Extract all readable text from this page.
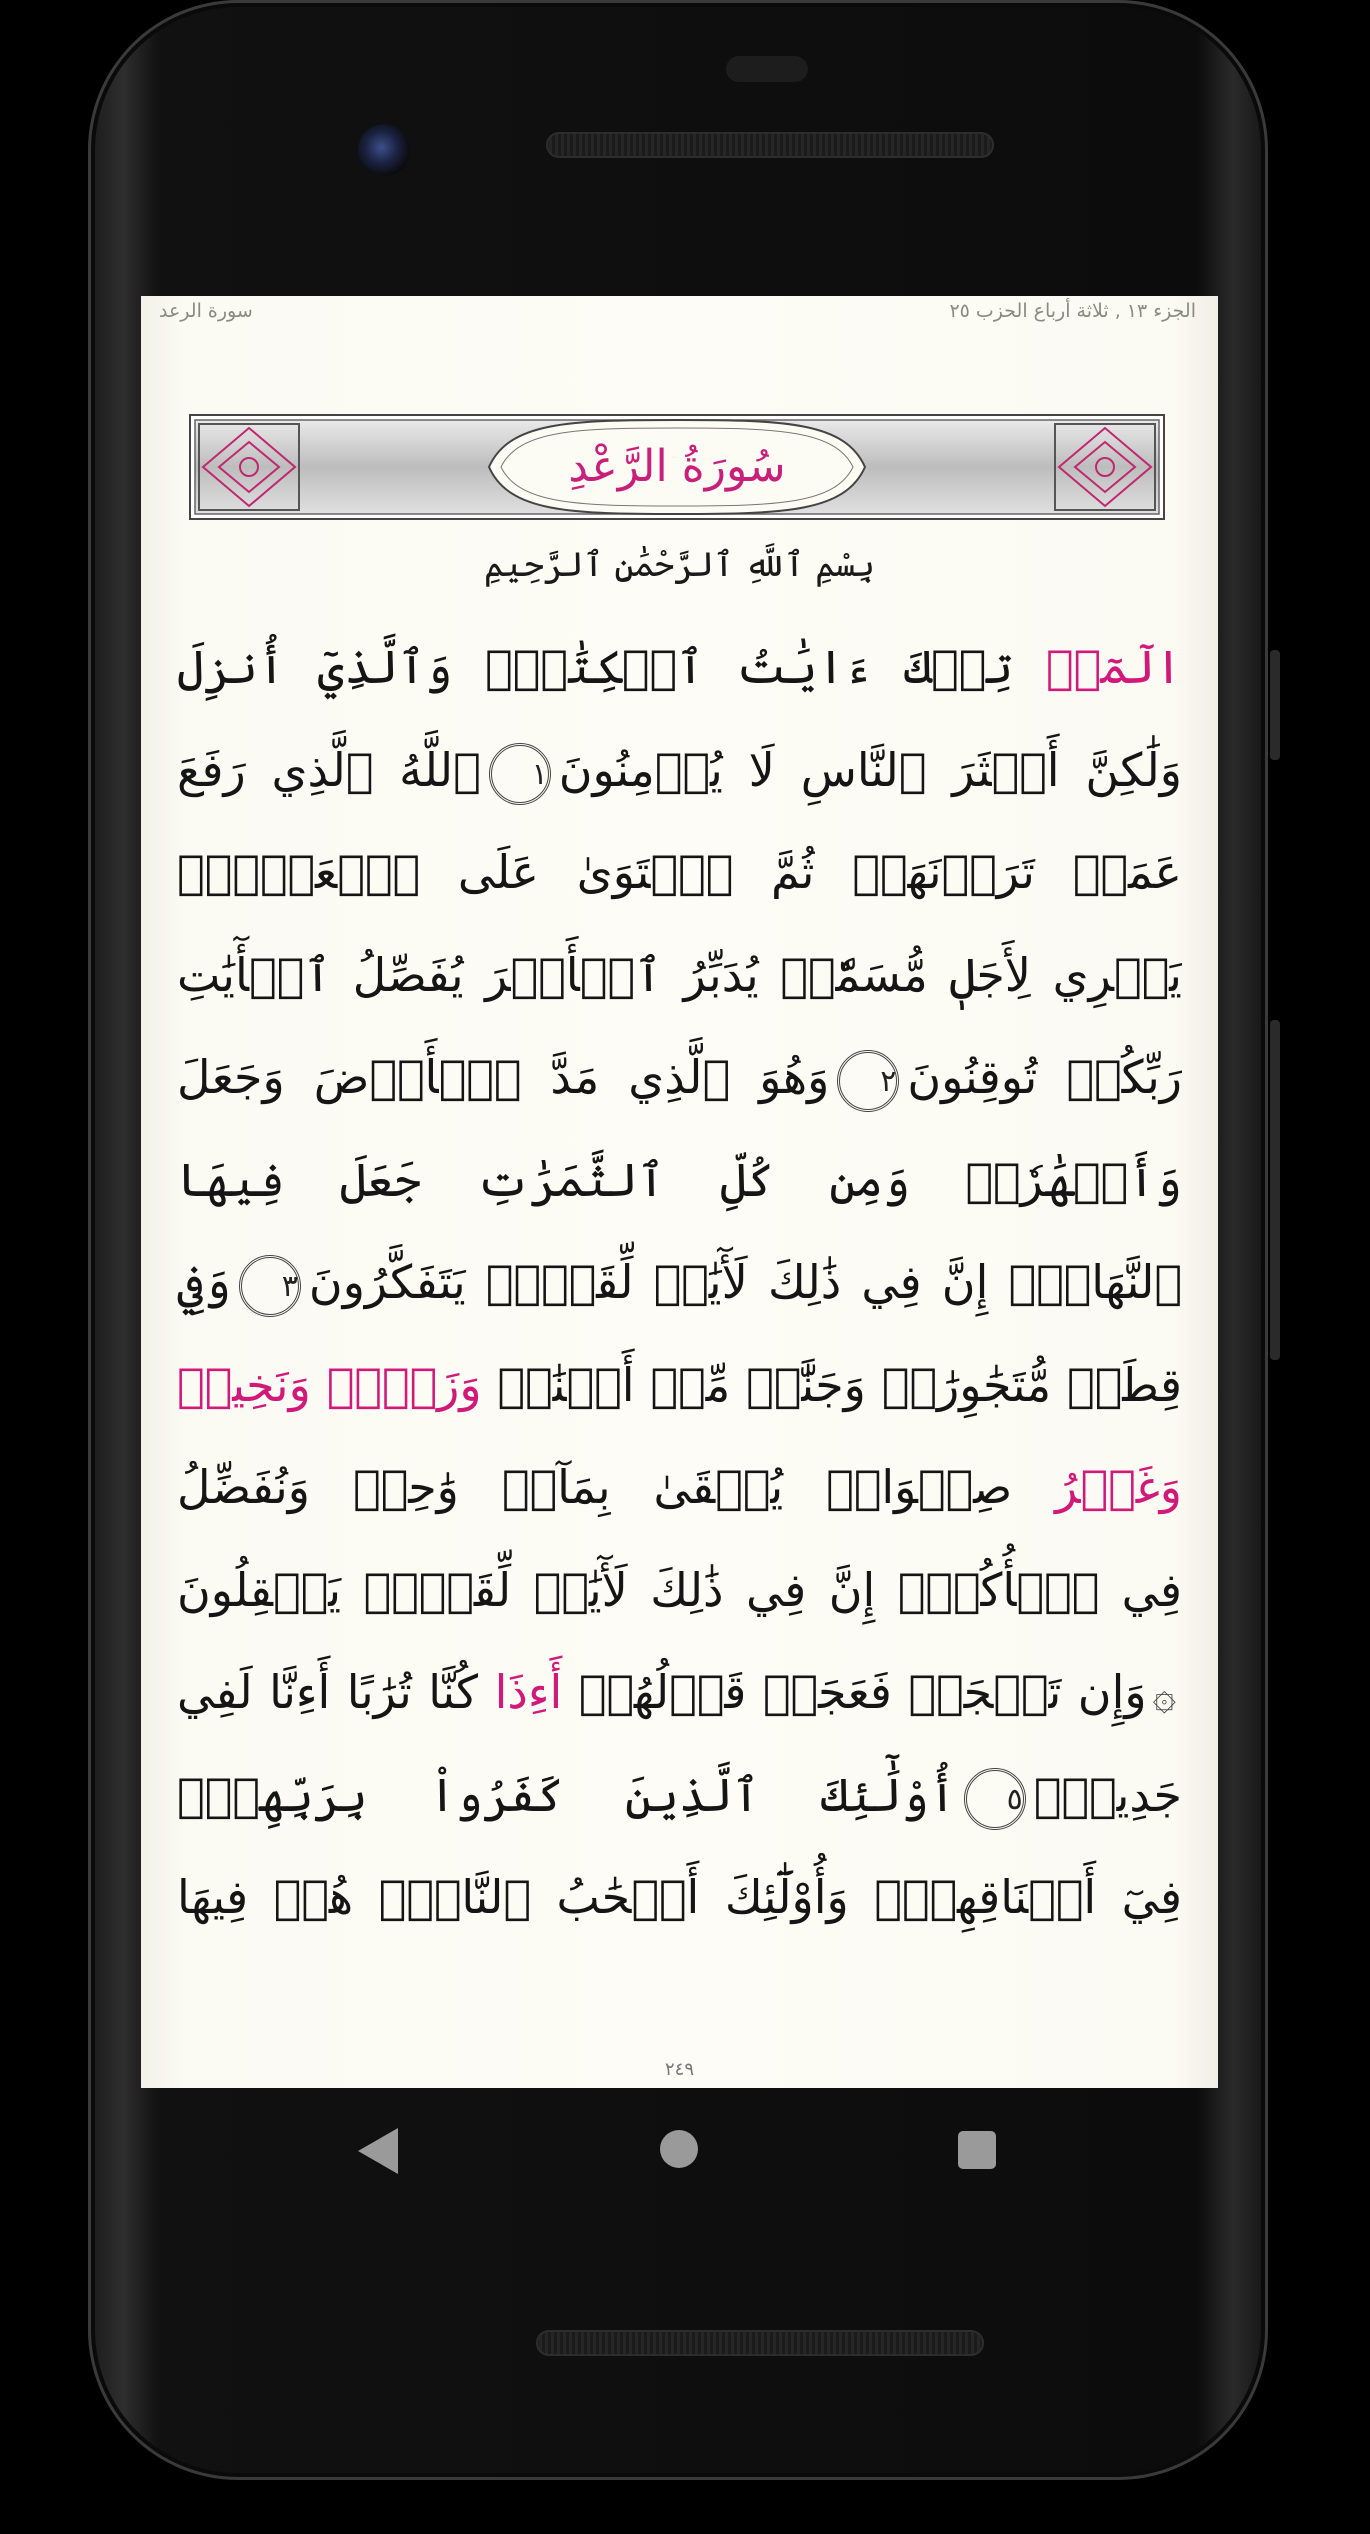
سورة الرعد	الجزء ١٣ , ثلاثة أرباع الحزب ٢٥
سُورَةُ الرَّعْدِ
بِسْمِ ٱللَّهِ ٱلرَّحْمَٰنِ ٱلرَّحِيمِ
الٓمٓرۚ تِلۡكَ ءَايَٰتُ ٱلۡكِتَٰبِۗ وَٱلَّذِيٓ أُنزِلَ
وَلَٰكِنَّ أَكۡثَرَ ٱلنَّاسِ لَا يُؤۡمِنُونَ١ٱللَّهُ ٱلَّذِي رَفَعَ
عَمَدٖ تَرَوۡنَهَاۖ ثُمَّ ٱسۡتَوَىٰ عَلَى ٱلۡعَرۡشِۖ
يَجۡرِي لِأَجَلٖ مُّسَمّٗىۚ يُدَبِّرُ ٱلۡأَمۡرَ يُفَصِّلُ ٱلۡأٓيَٰتِ
رَبِّكُمۡ تُوقِنُونَ٢وَهُوَ ٱلَّذِي مَدَّ ٱلۡأَرۡضَ وَجَعَلَ
وَأَنۡهَٰرٗاۖ وَمِن كُلِّ ٱلثَّمَرَٰتِ جَعَلَ فِيهَا
ٱلنَّهَارَۚ إِنَّ فِي ذَٰلِكَ لَأٓيَٰتٖ لِّقَوۡمٖ يَتَفَكَّرُونَ٣وَفِي
قِطَعٞ مُّتَجَٰوِرَٰتٞ وَجَنَّٰتٞ مِّنۡ أَعۡنَٰبٖ وَزَرۡعٞ وَنَخِيلٞ
وَغَيۡرُ صِنۡوَانٖ يُسۡقَىٰ بِمَآءٖ وَٰحِدٖ وَنُفَضِّلُ
فِي ٱلۡأُكُلِۚ إِنَّ فِي ذَٰلِكَ لَأٓيَٰتٖ لِّقَوۡمٖ يَعۡقِلُونَ
۞وَإِن تَعۡجَبۡ فَعَجَبٞ قَوۡلُهُمۡ أَءِذَا كُنَّا تُرَٰبًا أَءِنَّا لَفِي
جَدِيدٍۗ٥أُوْلَٰٓئِكَ ٱلَّذِينَ كَفَرُواْ بِرَبِّهِمۡۖ
فِيٓ أَعۡنَاقِهِمۡۖ وَأُوْلَٰٓئِكَ أَصۡحَٰبُ ٱلنَّارِۖ هُمۡ فِيهَا
٢٤٩
